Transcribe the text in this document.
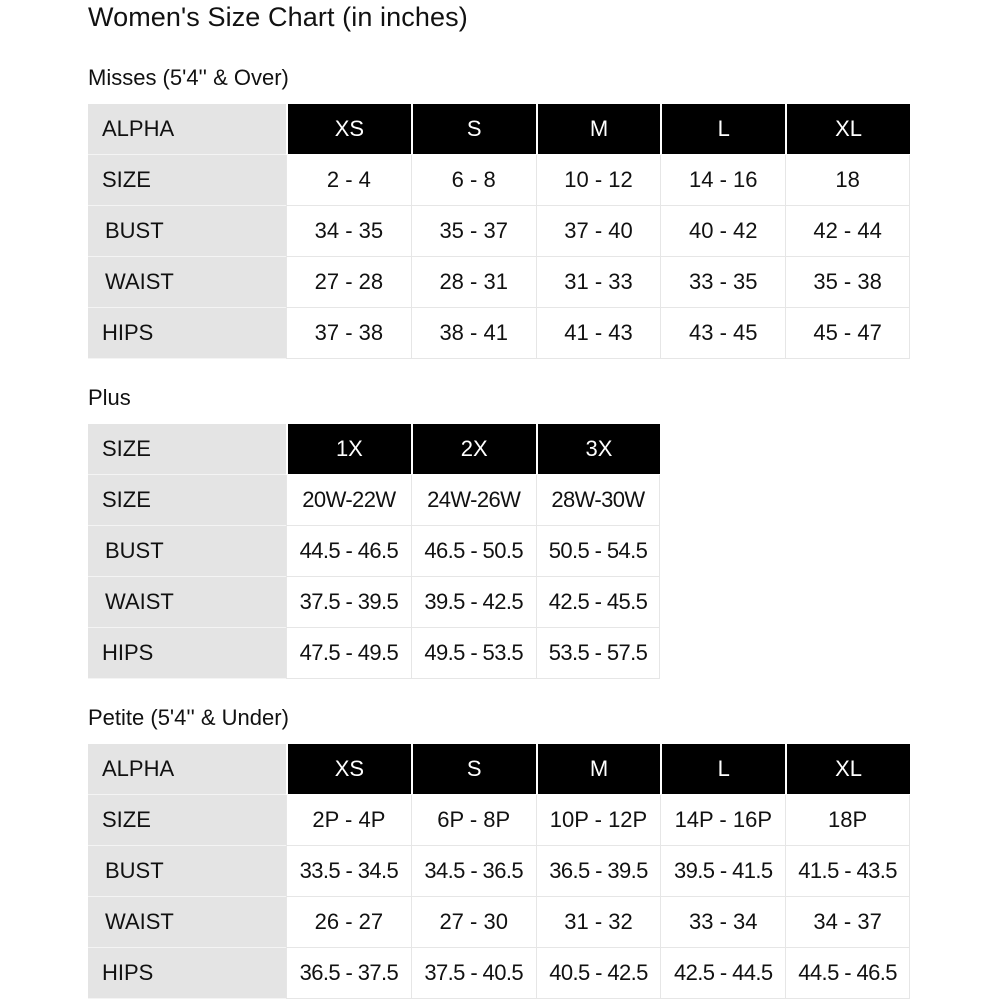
Women's Size Chart (in inches)
Misses (5'4'' & Over)
ALPHA	XS	S	M	L	XL
SIZE	2 - 4	6 - 8	10 - 12	14 - 16	18
BUST	34 - 35	35 - 37	37 - 40	40 - 42	42 - 44
WAIST	27 - 28	28 - 31	31 - 33	33 - 35	35 - 38
HIPS	37 - 38	38 - 41	41 - 43	43 - 45	45 - 47
Plus
SIZE	1X	2X	3X
SIZE	20W-22W	24W-26W	28W-30W
BUST	44.5 - 46.5	46.5 - 50.5	50.5 - 54.5
WAIST	37.5 - 39.5	39.5 - 42.5	42.5 - 45.5
HIPS	47.5 - 49.5	49.5 - 53.5	53.5 - 57.5
Petite (5'4'' & Under)
ALPHA	XS	S	M	L	XL
SIZE	2P - 4P	6P - 8P	10P - 12P	14P - 16P	18P
BUST	33.5 - 34.5	34.5 - 36.5	36.5 - 39.5	39.5 - 41.5	41.5 - 43.5
WAIST	26 - 27	27 - 30	31 - 32	33 - 34	34 - 37
HIPS	36.5 - 37.5	37.5 - 40.5	40.5 - 42.5	42.5 - 44.5	44.5 - 46.5
